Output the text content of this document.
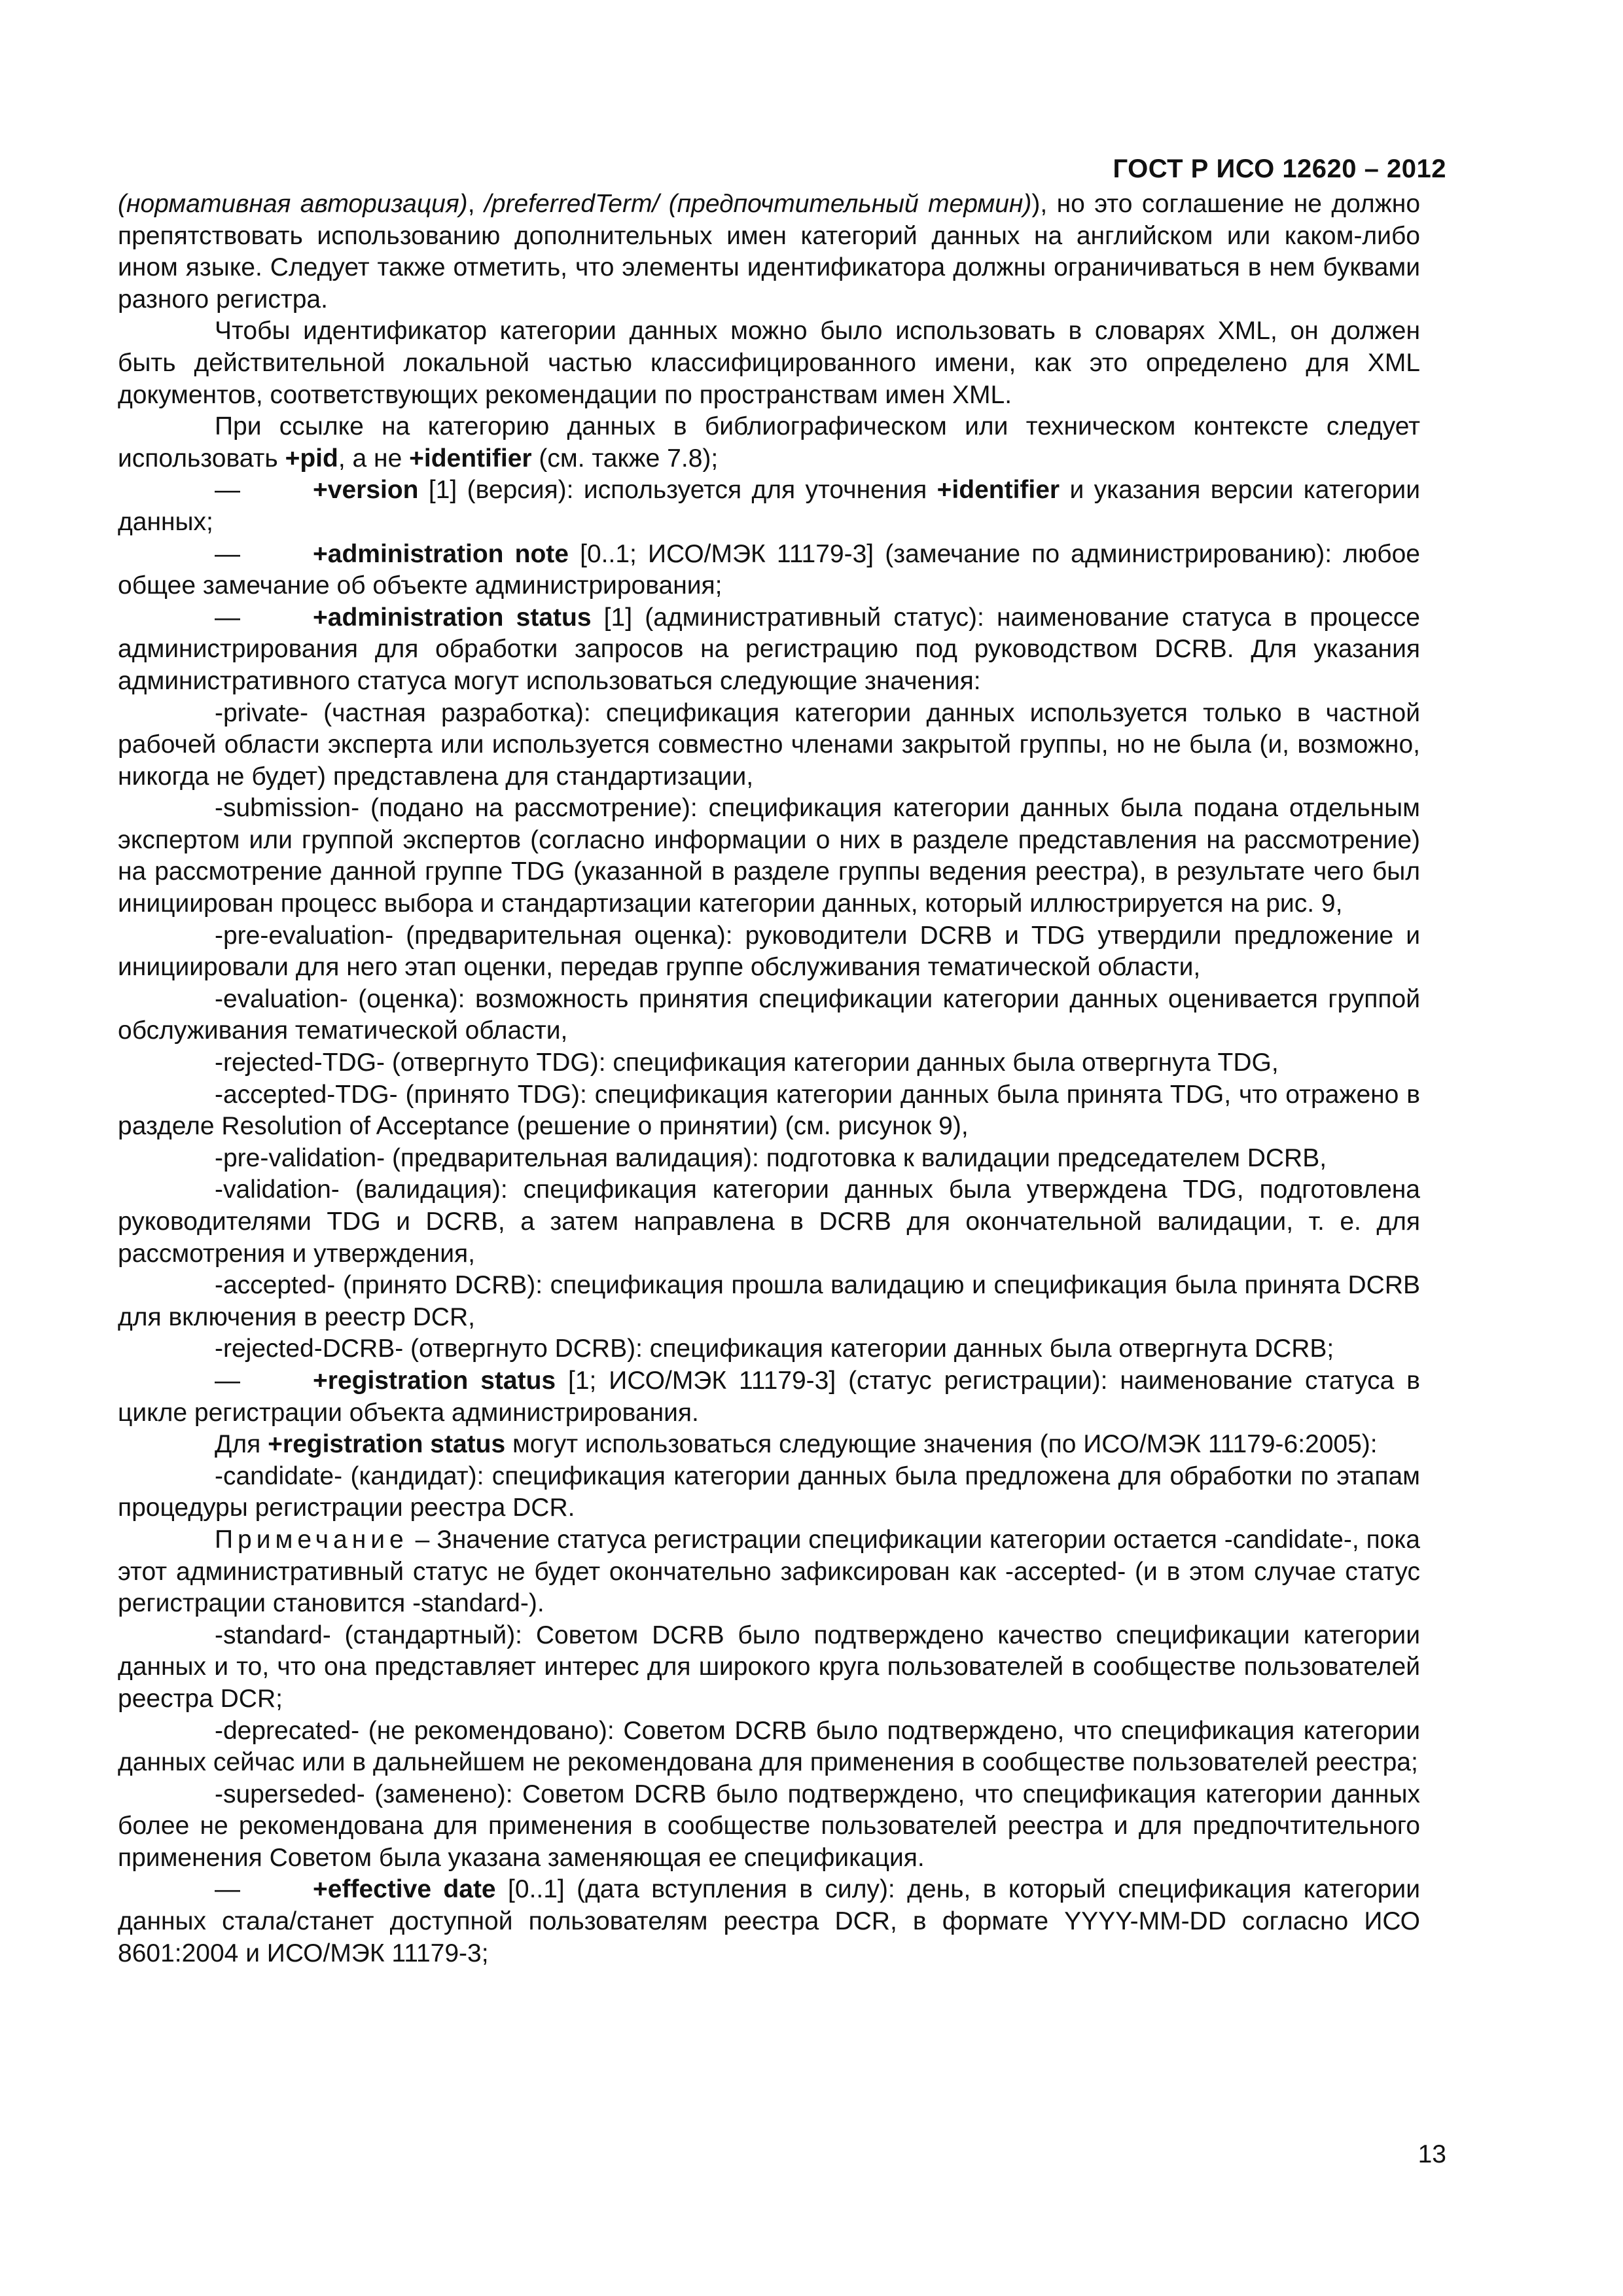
ГОСТ Р ИСО 12620 – 2012

(нормативная авторизация), /preferredTerm/ (предпочтительный термин)), но это соглашение не должно препятствовать использованию дополнительных имен категорий данных на английском или каком-либо ином языке. Следует также отметить, что элементы идентификатора должны ограничиваться в нем буквами разного регистра.

Чтобы идентификатор категории данных можно было использовать в словарях XML, он должен быть действительной локальной частью классифицированного имени, как это определено для XML документов, соответствующих рекомендации по пространствам имен XML.

При ссылке на категорию данных в библиографическом или техническом контексте следует использовать +pid, а не +identifier (см. также 7.8);

—	+version [1] (версия): используется для уточнения +identifier и указания версии категории данных;

—	+administration note [0..1; ИСО/МЭК 11179-3] (замечание по администрированию): любое общее замечание об объекте администрирования;

—	+administration status [1] (административный статус): наименование статуса в процессе администрирования для обработки запросов на регистрацию под руководством DCRB. Для указания административного статуса могут использоваться следующие значения:

-private- (частная разработка): спецификация категории данных используется только в частной рабочей области эксперта или используется совместно членами закрытой группы, но не была (и, возможно, никогда не будет) представлена для стандартизации,

-submission- (подано на рассмотрение): спецификация категории данных была подана отдельным экспертом или группой экспертов (согласно информации о них в разделе представления на рассмотрение) на рассмотрение данной группе TDG (указанной в разделе группы ведения реестра), в результате чего был инициирован процесс выбора и стандартизации категории данных, который иллюстрируется на рис. 9,

-pre-evaluation- (предварительная оценка): руководители DCRB и TDG утвердили предложение и инициировали для него этап оценки, передав группе обслуживания тематической области,

-evaluation- (оценка): возможность принятия спецификации категории данных оценивается группой обслуживания тематической области,

-rejected-TDG- (отвергнуто TDG): спецификация категории данных была отвергнута TDG,

-accepted-TDG- (принято TDG): спецификация категории данных была принята TDG, что отражено в разделе Resolution of Acceptance (решение о принятии) (см. рисунок 9),

-pre-validation- (предварительная валидация): подготовка к валидации председателем DCRB,

-validation- (валидация): спецификация категории данных была утверждена TDG, подготовлена руководителями TDG и DCRB, а затем направлена в DCRB для окончательной валидации, т. е. для рассмотрения и утверждения,

-accepted- (принято DCRB): спецификация прошла валидацию и спецификация была принята DCRB для включения в реестр DCR,

-rejected-DCRB- (отвергнуто DCRB): спецификация категории данных была отвергнута DCRB;

—	+registration status [1; ИСО/МЭК 11179-3] (статус регистрации): наименование статуса в цикле регистрации объекта администрирования.

Для +registration status могут использоваться следующие значения (по ИСО/МЭК 11179-6:2005):

-candidate- (кандидат): спецификация категории данных была предложена для обработки по этапам процедуры регистрации реестра DCR.

Примечание – Значение статуса регистрации спецификации категории остается -candidate-, пока этот административный статус не будет окончательно зафиксирован как -accepted- (и в этом случае статус регистрации становится -standard-).

-standard- (стандартный): Советом DCRB было подтверждено качество спецификации категории данных и то, что она представляет интерес для широкого круга пользователей в сообществе пользователей реестра DCR;

-deprecated- (не рекомендовано): Советом DCRB было подтверждено, что спецификация категории данных сейчас или в дальнейшем не рекомендована для применения в сообществе пользователей реестра;

-superseded- (заменено): Советом DCRB было подтверждено, что спецификация категории данных более не рекомендована для применения в сообществе пользователей реестра и для предпочтительного применения Советом была указана заменяющая ее спецификация.

—	+effective date [0..1] (дата вступления в силу): день, в который спецификация категории данных стала/станет доступной пользователям реестра DCR, в формате YYYY-MM-DD согласно ИСО 8601:2004 и ИСО/МЭК 11179-3;

13
